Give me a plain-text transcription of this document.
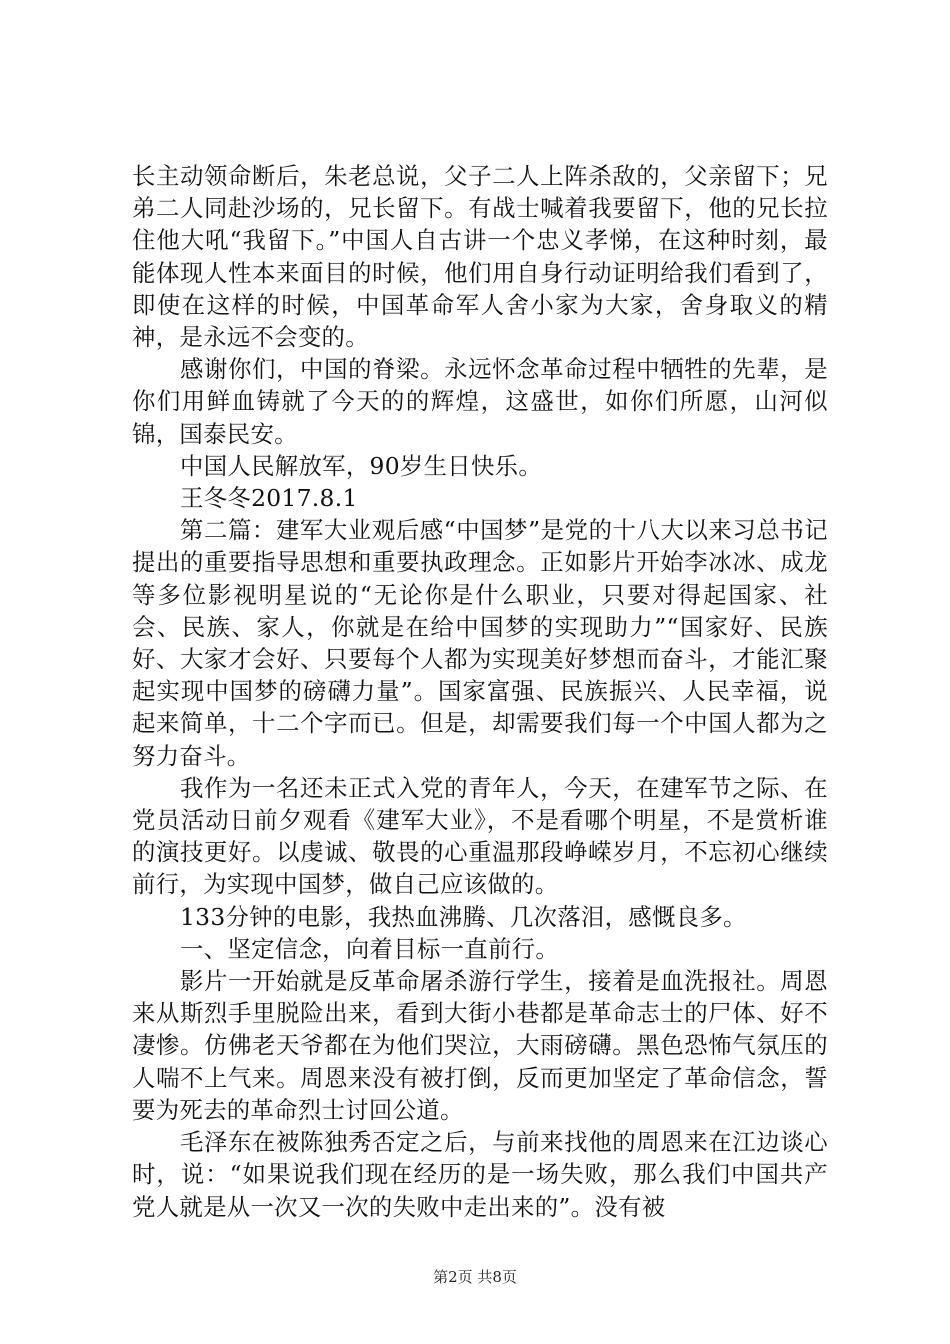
长主动领命断后，朱老总说，父子二人上阵杀敌的，父亲留下；兄弟二人同赴沙场的，兄长留下。有战士喊着我要留下，他的兄长拉住他大吼“我留下。”中国人自古讲一个忠义孝悌，在这种时刻，最能体现人性本来面目的时候，他们用自身行动证明给我们看到了，即使在这样的时候，中国革命军人舍小家为大家，舍身取义的精神，是永远不会变的。

感谢你们，中国的脊梁。永远怀念革命过程中牺牲的先辈，是你们用鲜血铸就了今天的的辉煌，这盛世，如你们所愿，山河似锦，国泰民安。

中国人民解放军，90岁生日快乐。

王冬冬2017.8.1

第二篇：建军大业观后感“中国梦”是党的十八大以来习总书记提出的重要指导思想和重要执政理念。正如影片开始李冰冰、成龙等多位影视明星说的“无论你是什么职业，只要对得起国家、社会、民族、家人，你就是在给中国梦的实现助力”“国家好、民族好、大家才会好、只要每个人都为实现美好梦想而奋斗，才能汇聚起实现中国梦的磅礴力量”。国家富强、民族振兴、人民幸福，说起来简单，十二个字而已。但是，却需要我们每一个中国人都为之努力奋斗。

我作为一名还未正式入党的青年人，今天，在建军节之际、在党员活动日前夕观看《建军大业》，不是看哪个明星，不是赏析谁的演技更好。以虔诚、敬畏的心重温那段峥嵘岁月，不忘初心继续前行，为实现中国梦，做自己应该做的。

133分钟的电影，我热血沸腾、几次落泪，感慨良多。

一、坚定信念，向着目标一直前行。

影片一开始就是反革命屠杀游行学生，接着是血洗报社。周恩来从斯烈手里脱险出来，看到大街小巷都是革命志士的尸体、好不凄惨。仿佛老天爷都在为他们哭泣，大雨磅礴。黑色恐怖气氛压的人喘不上气来。周恩来没有被打倒，反而更加坚定了革命信念，誓要为死去的革命烈士讨回公道。

毛泽东在被陈独秀否定之后，与前来找他的周恩来在江边谈心时，说：“如果说我们现在经历的是一场失败，那么我们中国共产党人就是从一次又一次的失败中走出来的”。没有被

第2页 共8页
